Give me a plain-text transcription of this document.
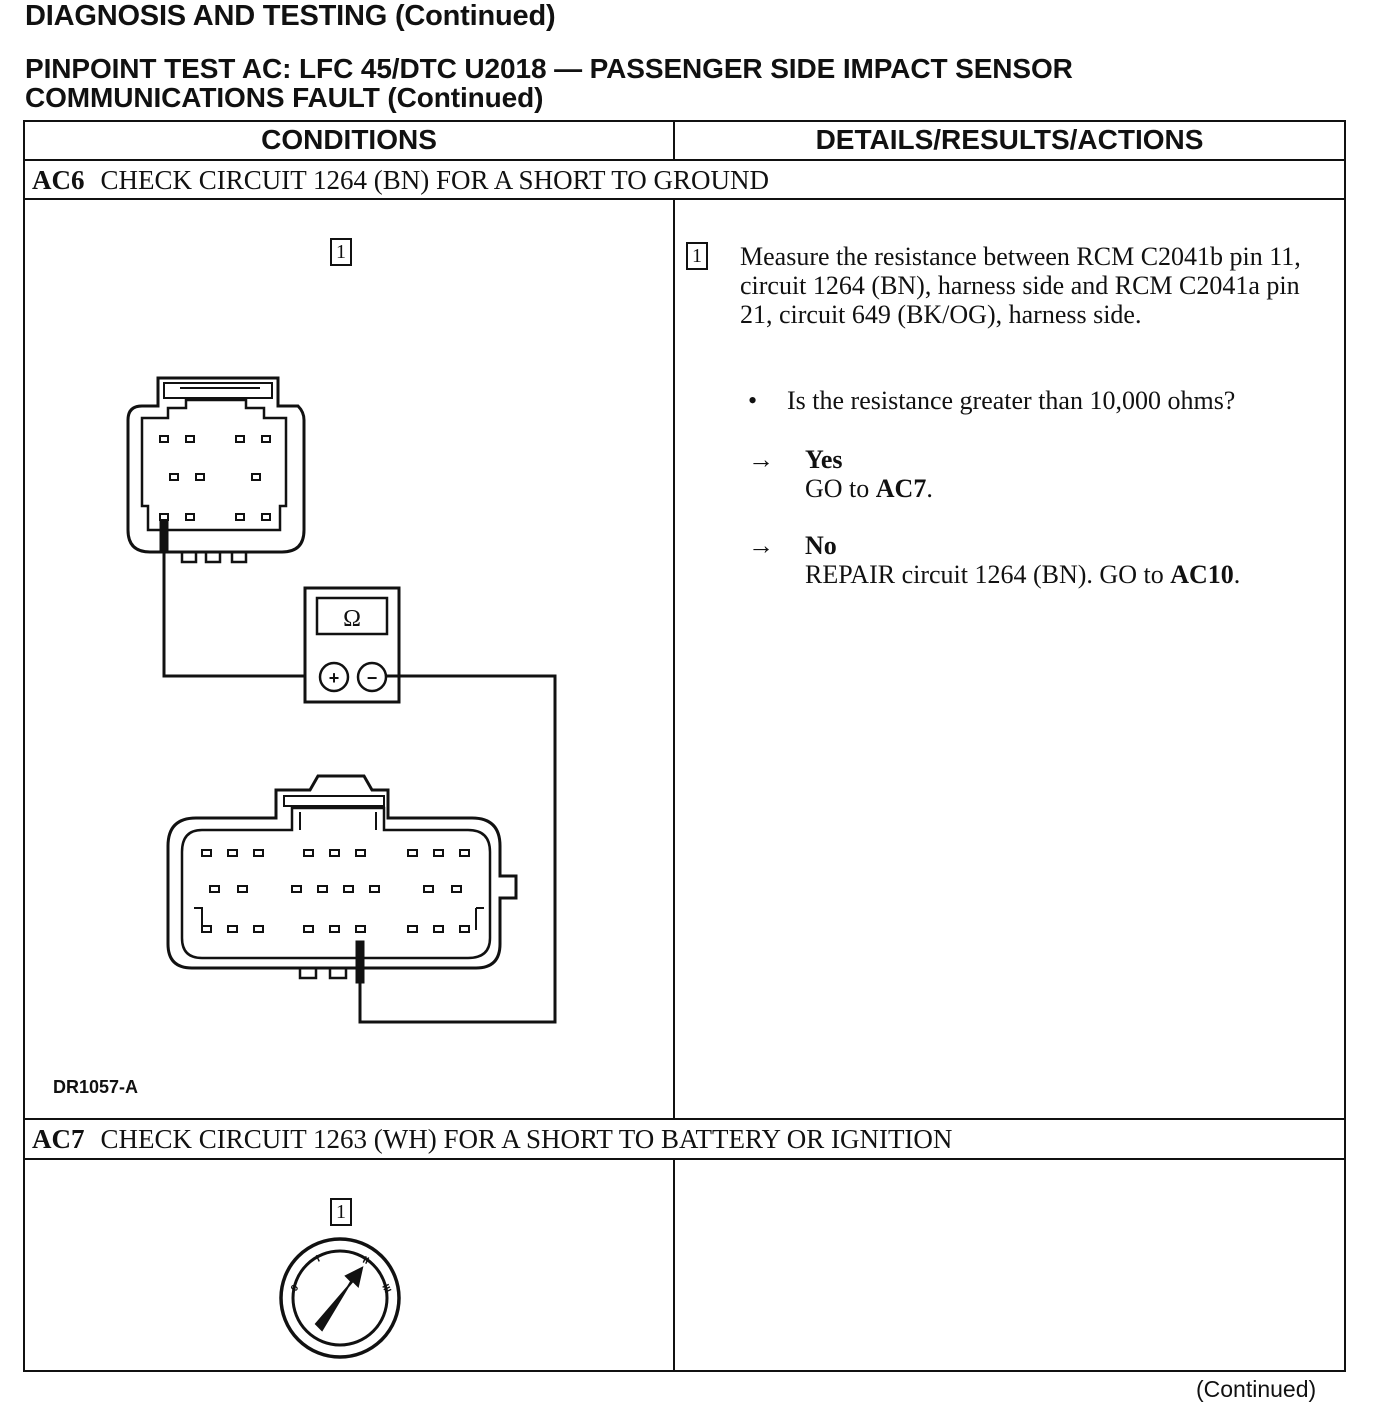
DIAGNOSIS AND TESTING (Continued)
PINPOINT TEST AC: LFC 45/DTC U2018 — PASSENGER SIDE IMPACT SENSOR
COMMUNICATIONS FAULT (Continued)
CONDITIONS	DETAILS/RESULTS/ACTIONS
AC6 CHECK CIRCUIT 1264 (BN) FOR A SHORT TO GROUND
1	1 Measure the resistance between RCM C2041b pin 11, circuit 1264 (BN), harness side and RCM C2041a pin 21, circuit 649 (BK/OG), harness side.

• Is the resistance greater than 10,000 ohms?
→ Yes
GO to AC7.
→ No
REPAIR circuit 1264 (BN). GO to AC10.
DR1057-A
AC7 CHECK CIRCUIT 1263 (WH) FOR A SHORT TO BATTERY OR IGNITION
1
(Continued)
Ω
+ −
0
I	II
III
